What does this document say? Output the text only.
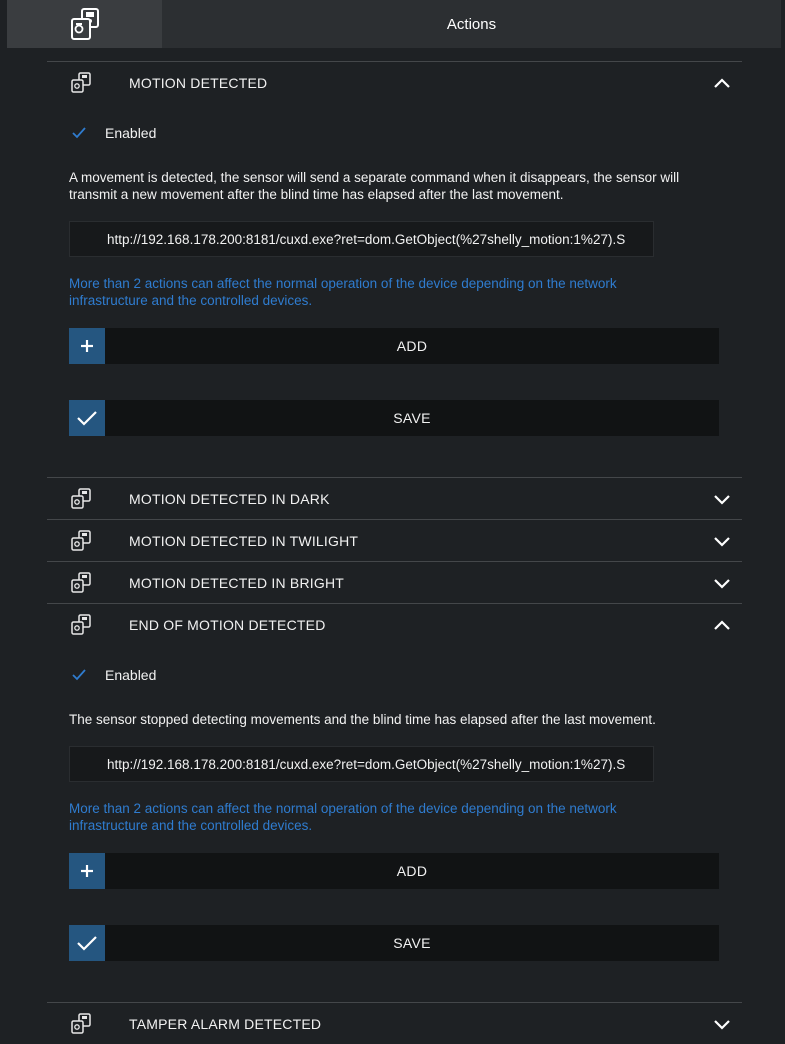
Actions
MOTION DETECTED
Enabled
A movement is detected, the sensor will send a separate command when it disappears, the sensor will transmit a new movement after the blind time has elapsed after the last movement.
http://192.168.178.200:8181/cuxd.exe?ret=dom.GetObject(%27shelly_motion:1%27).S
More than 2 actions can affect the normal operation of the device depending on the network infrastructure and the controlled devices.
ADD
SAVE
MOTION DETECTED IN DARK
MOTION DETECTED IN TWILIGHT
MOTION DETECTED IN BRIGHT
END OF MOTION DETECTED
Enabled
The sensor stopped detecting movements and the blind time has elapsed after the last movement.
http://192.168.178.200:8181/cuxd.exe?ret=dom.GetObject(%27shelly_motion:1%27).S
More than 2 actions can affect the normal operation of the device depending on the network infrastructure and the controlled devices.
ADD
SAVE
TAMPER ALARM DETECTED
